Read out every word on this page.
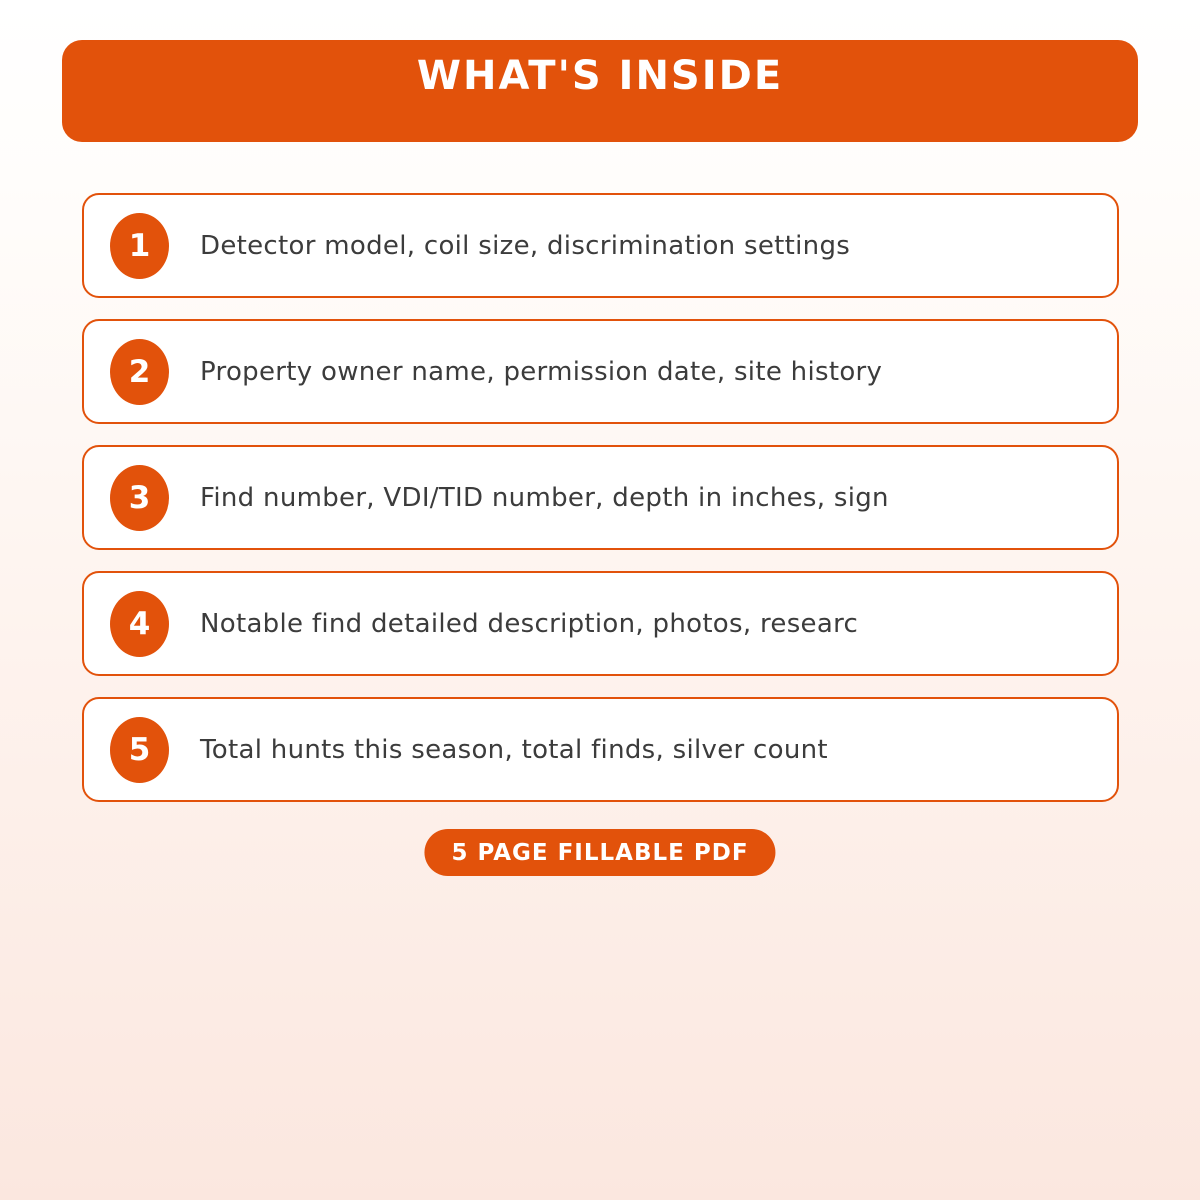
WHAT'S INSIDE
1 Detector model, coil size, discrimination settings
2 Property owner name, permission date, site history
3 Find number, VDI/TID number, depth in inches, sign
4 Notable find detailed description, photos, researc
5 Total hunts this season, total finds, silver count
5 PAGE FILLABLE PDF
